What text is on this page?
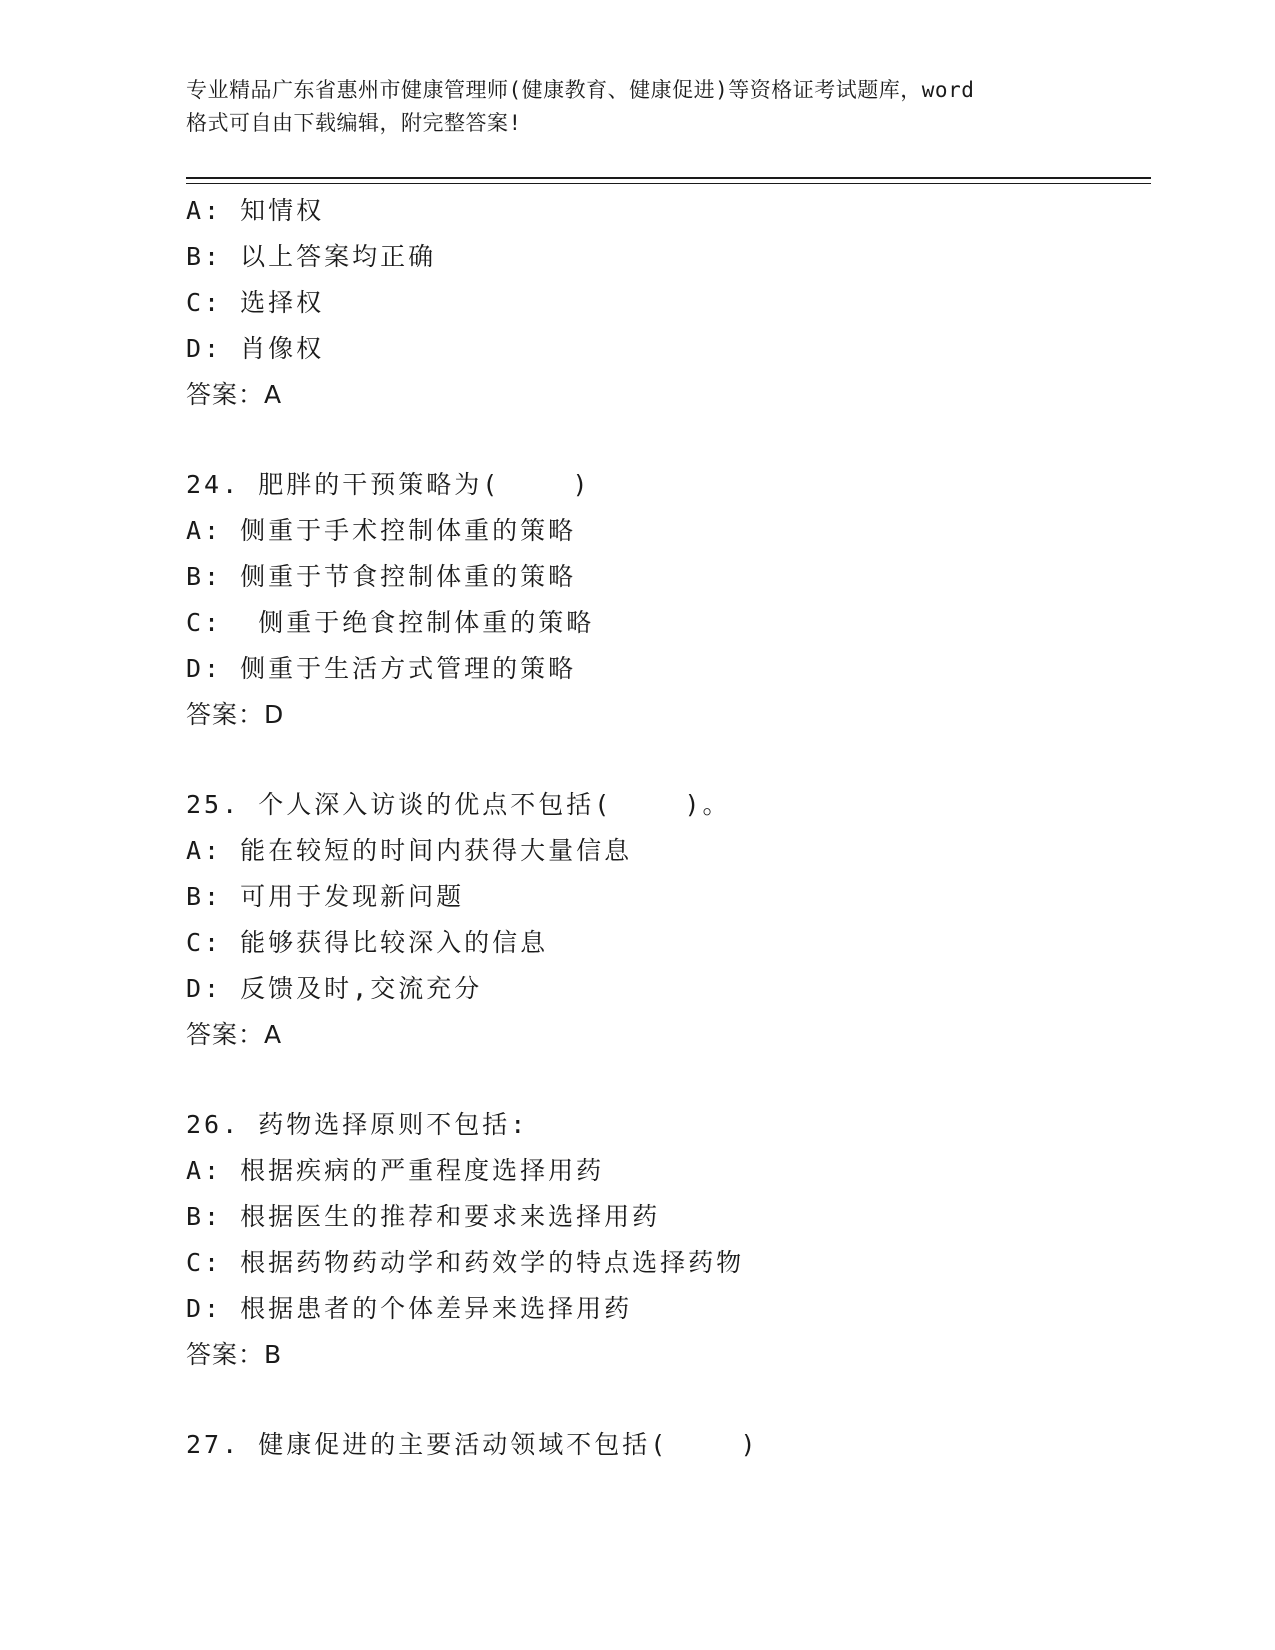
专业精品广东省惠州市健康管理师(健康教育、健康促进)等资格证考试题库，word
格式可自由下载编辑，附完整答案!
A: 知情权
B: 以上答案均正确
C: 选择权
D: 肖像权
答案：A
24. 肥胖的干预策略为(    )
A: 侧重于手术控制体重的策略
B: 侧重于节食控制体重的策略
C:  侧重于绝食控制体重的策略
D: 侧重于生活方式管理的策略
答案：D
25. 个人深入访谈的优点不包括(    )。
A: 能在较短的时间内获得大量信息
B: 可用于发现新问题
C: 能够获得比较深入的信息
D: 反馈及时,交流充分
答案：A
26. 药物选择原则不包括:
A: 根据疾病的严重程度选择用药
B: 根据医生的推荐和要求来选择用药
C: 根据药物药动学和药效学的特点选择药物
D: 根据患者的个体差异来选择用药
答案：B
27. 健康促进的主要活动领域不包括(    )
